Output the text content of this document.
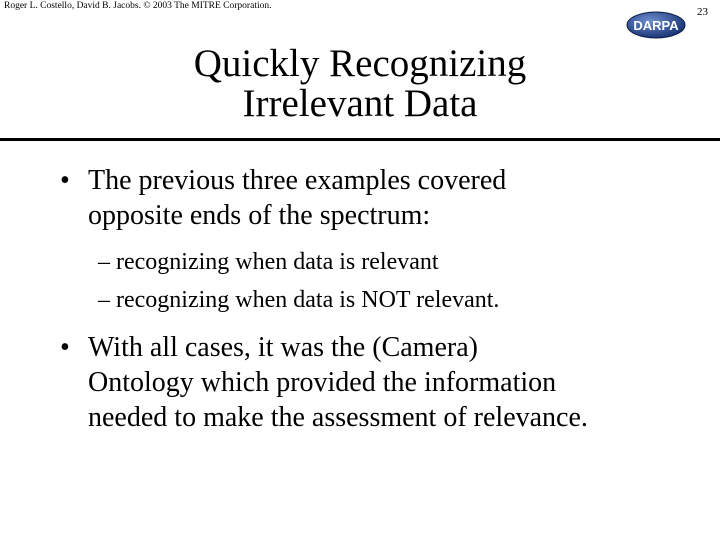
Roger L. Costello, David B. Jacobs. © 2003 The MITRE Corporation.	23
DARPA
Quickly Recognizing
Irrelevant Data
• The previous three examples covered
opposite ends of the spectrum:
– recognizing when data is relevant
– recognizing when data is NOT relevant.
• With all cases, it was the (Camera)
Ontology which provided the information
needed to make the assessment of relevance.
